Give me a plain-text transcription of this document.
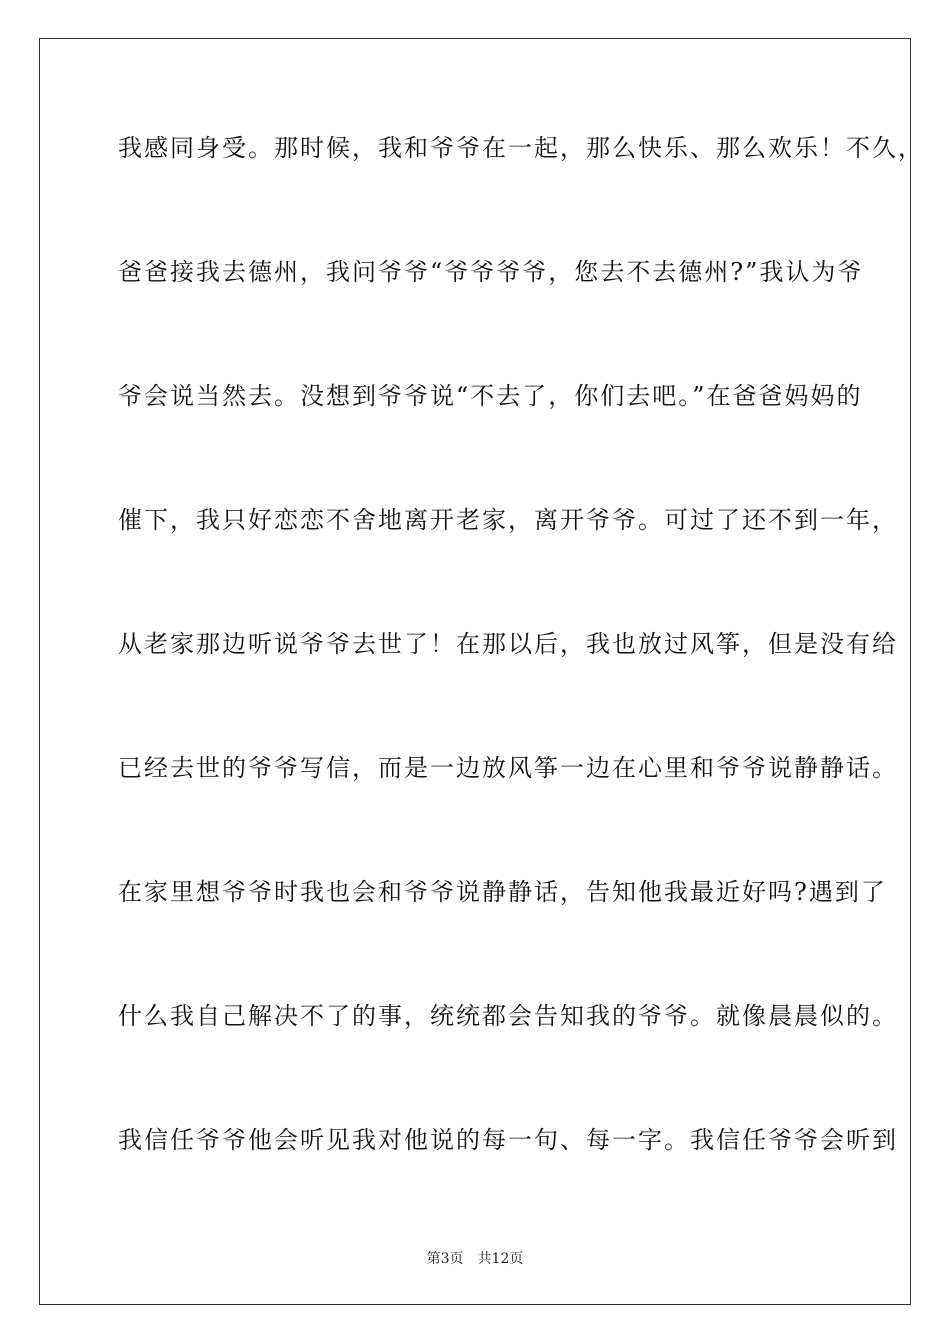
我感同身受。那时候，我和爷爷在一起，那么快乐、那么欢乐！不久，
爸爸接我去德州，我问爷爷“爷爷爷爷，您去不去德州?”我认为爷
爷会说当然去。没想到爷爷说“不去了，你们去吧。”在爸爸妈妈的
催下，我只好恋恋不舍地离开老家，离开爷爷。可过了还不到一年，
从老家那边听说爷爷去世了！在那以后，我也放过风筝，但是没有给
已经去世的爷爷写信，而是一边放风筝一边在心里和爷爷说静静话。
在家里想爷爷时我也会和爷爷说静静话，告知他我最近好吗?遇到了
什么我自己解决不了的事，统统都会告知我的爷爷。就像晨晨似的。
我信任爷爷他会听见我对他说的每一句、每一字。我信任爷爷会听到
第3页　共12页
